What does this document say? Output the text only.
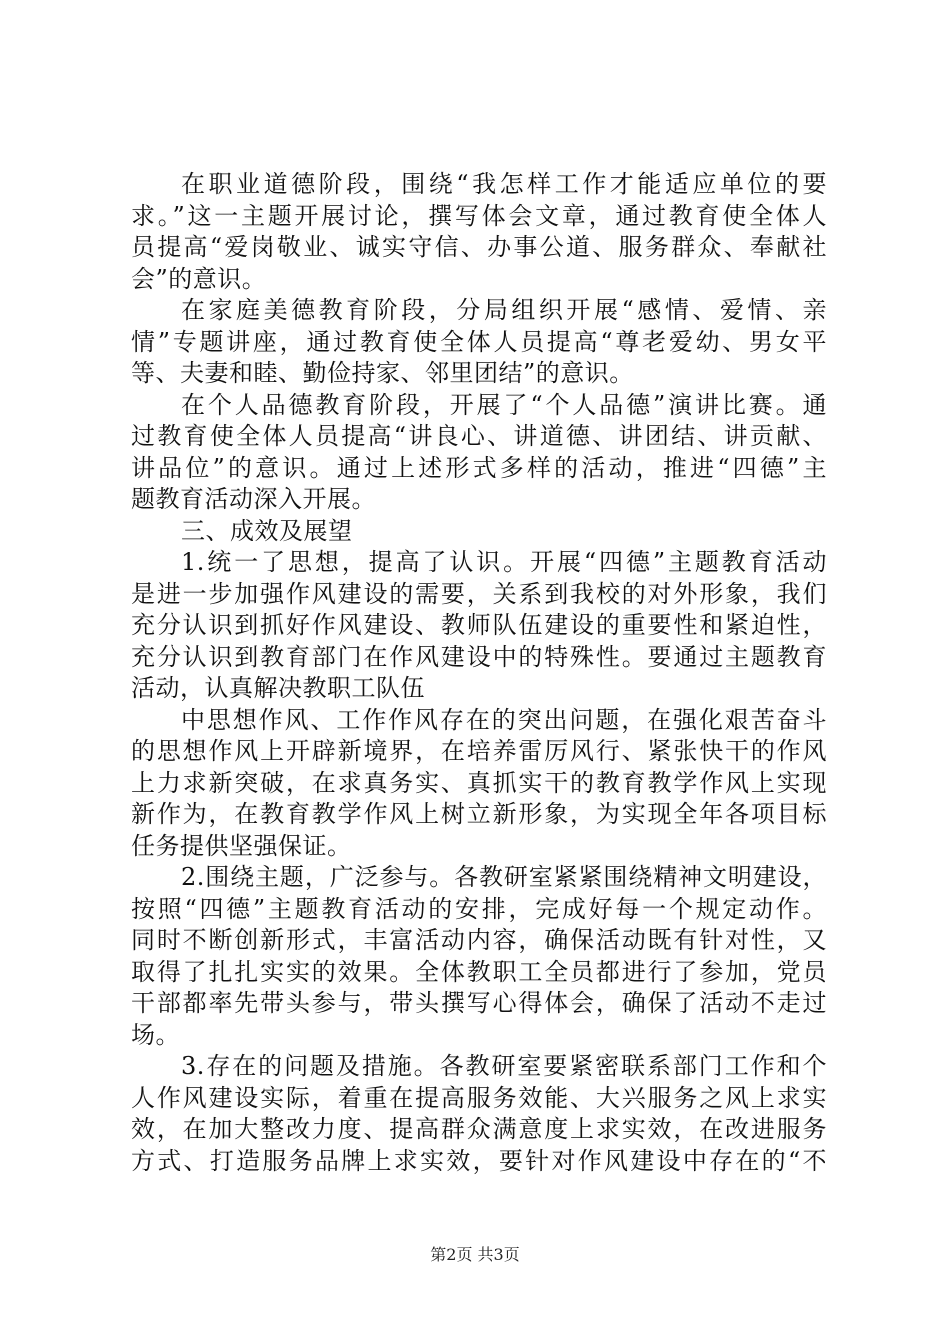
在职业道德阶段，围绕“我怎样工作才能适应单位的要
求。”这一主题开展讨论，撰写体会文章，通过教育使全体人
员提高“爱岗敬业、诚实守信、办事公道、服务群众、奉献社
会”的意识。
在家庭美德教育阶段，分局组织开展“感情、爱情、亲
情”专题讲座，通过教育使全体人员提高“尊老爱幼、男女平
等、夫妻和睦、勤俭持家、邻里团结”的意识。
在个人品德教育阶段，开展了“个人品德”演讲比赛。通
过教育使全体人员提高“讲良心、讲道德、讲团结、讲贡献、
讲品位”的意识。通过上述形式多样的活动，推进“四德”主
题教育活动深入开展。
三、成效及展望
1.统一了思想，提高了认识。开展“四德”主题教育活动
是进一步加强作风建设的需要，关系到我校的对外形象，我们
充分认识到抓好作风建设、教师队伍建设的重要性和紧迫性，
充分认识到教育部门在作风建设中的特殊性。要通过主题教育
活动，认真解决教职工队伍
中思想作风、工作作风存在的突出问题，在强化艰苦奋斗
的思想作风上开辟新境界，在培养雷厉风行、紧张快干的作风
上力求新突破，在求真务实、真抓实干的教育教学作风上实现
新作为，在教育教学作风上树立新形象，为实现全年各项目标
任务提供坚强保证。
2.围绕主题，广泛参与。各教研室紧紧围绕精神文明建设，
按照“四德”主题教育活动的安排，完成好每一个规定动作。
同时不断创新形式，丰富活动内容，确保活动既有针对性，又
取得了扎扎实实的效果。全体教职工全员都进行了参加，党员
干部都率先带头参与，带头撰写心得体会，确保了活动不走过
场。
3.存在的问题及措施。各教研室要紧密联系部门工作和个
人作风建设实际，着重在提高服务效能、大兴服务之风上求实
效，在加大整改力度、提高群众满意度上求实效，在改进服务
方式、打造服务品牌上求实效，要针对作风建设中存在的“不
第2页 共3页
